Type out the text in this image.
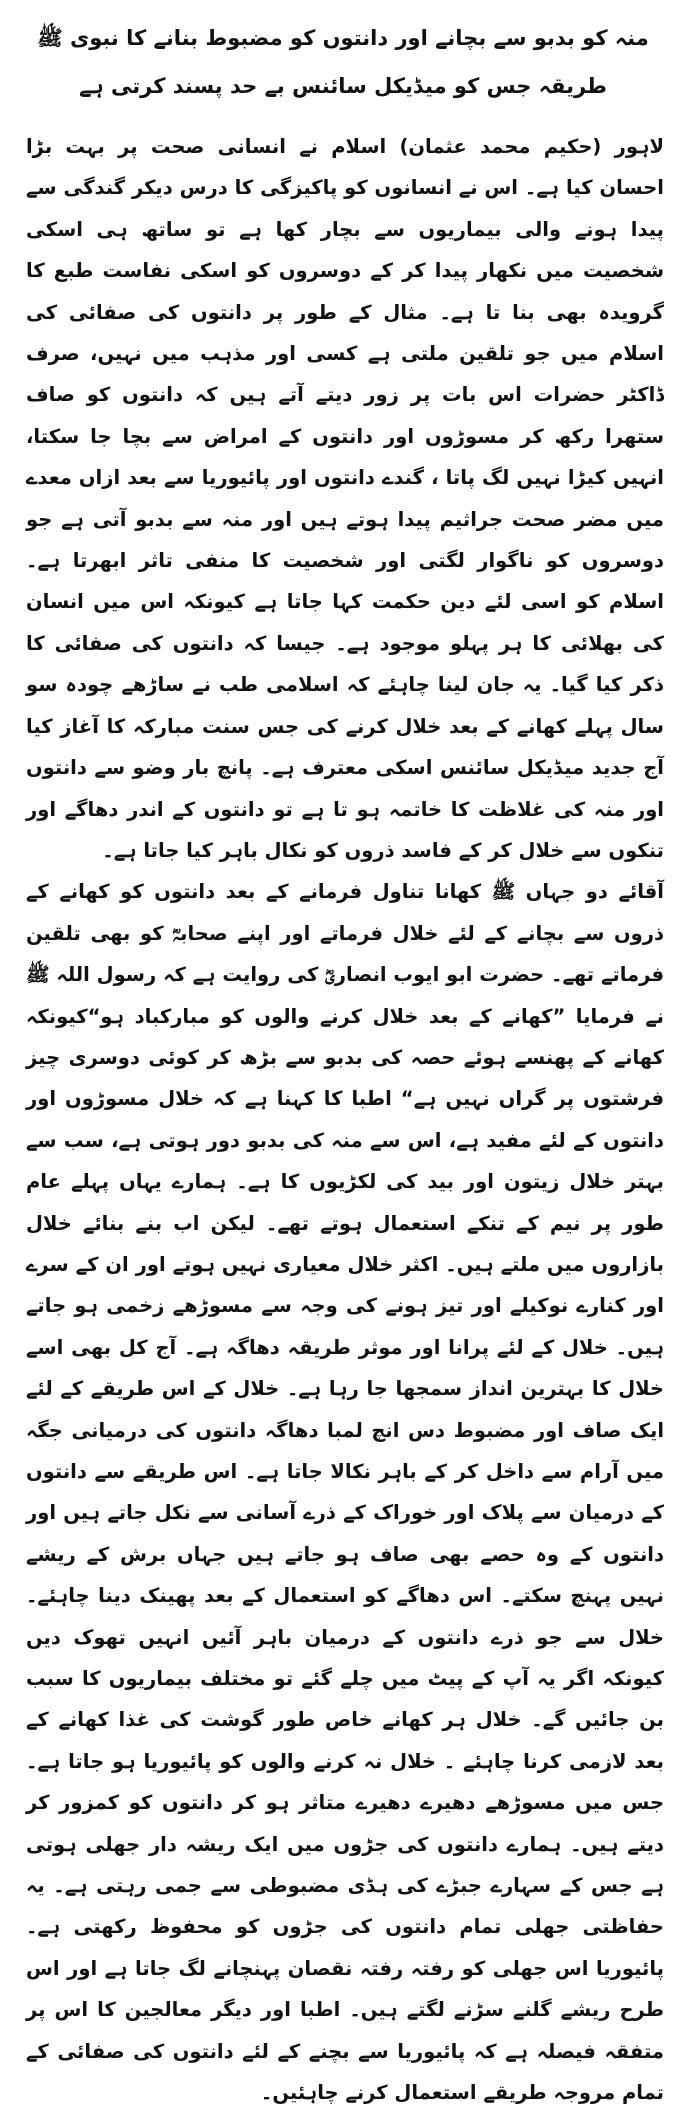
منہ کو بدبو سے بچانے اور دانتوں کو مضبوط بنانے کا نبوی ﷺ طریقہ جس کو میڈیکل سائنس بے حد پسند کرتی ہے

لاہور (حکیم محمد عثمان) اسلام نے انسانی صحت پر بہت بڑا احسان کیا ہے۔ اس نے انسانوں کو پاکیزگی کا درس دیکر گندگی سے پیدا ہونے والی بیماریوں سے بچار کھا ہے تو ساتھ ہی اسکی شخصیت میں نکھار پیدا کر کے دوسروں کو اسکی نفاست طبع کا گرویدہ بھی بنا تا ہے۔ مثال کے طور پر دانتوں کی صفائی کی اسلام میں جو تلقین ملتی ہے کسی اور مذہب میں نہیں، صرف ڈاکٹر حضرات اس بات پر زور دیتے آتے ہیں کہ دانتوں کو صاف ستھرا رکھ کر مسوڑوں اور دانتوں کے امراض سے بچا جا سکتا، انہیں کیڑا نہیں لگ پاتا ، گندے دانتوں اور پائیوریا سے بعد ازاں معدے میں مضر صحت جراثیم پیدا ہوتے ہیں اور منہ سے بدبو آتی ہے جو دوسروں کو ناگوار لگتی اور شخصیت کا منفی تاثر ابھرتا ہے۔ اسلام کو اسی لئے دین حکمت کہا جاتا ہے کیونکہ اس میں انسان کی بھلائی کا ہر پہلو موجود ہے۔ جیسا کہ دانتوں کی صفائی کا ذکر کیا گیا۔ یہ جان لینا چاہئے کہ اسلامی طب نے ساڑھے چودہ سو سال پہلے کھانے کے بعد خلال کرنے کی جس سنت مبارکہ کا آغاز کیا آج جدید میڈیکل سائنس اسکی معترف ہے۔ پانچ بار وضو سے دانتوں اور منہ کی غلاظت کا خاتمہ ہو تا ہے تو دانتوں کے اندر دھاگے اور تنکوں سے خلال کر کے فاسد ذروں کو نکال باہر کیا جاتا ہے۔

آقائے دو جہاں ﷺ کھانا تناول فرمانے کے بعد دانتوں کو کھانے کے ذروں سے بچانے کے لئے خلال فرماتے اور اپنے صحابہؓ کو بھی تلقین فرماتے تھے۔ حضرت ابو ایوب انصاریؓ کی روایت ہے کہ رسول اللہ ﷺ نے فرمایا ”کھانے کے بعد خلال کرنے والوں کو مبارکباد ہو“کیونکہ کھانے کے پھنسے ہوئے حصہ کی بدبو سے بڑھ کر کوئی دوسری چیز فرشتوں پر گراں نہیں ہے“ اطبا کا کہنا ہے کہ خلال مسوڑوں اور دانتوں کے لئے مفید ہے، اس سے منہ کی بدبو دور ہوتی ہے، سب سے بہتر خلال زیتون اور بید کی لکڑیوں کا ہے۔ ہمارے یہاں پہلے عام طور پر نیم کے تنکے استعمال ہوتے تھے۔ لیکن اب بنے بنائے خلال بازاروں میں ملتے ہیں۔ اکثر خلال معیاری نہیں ہوتے اور ان کے سرے اور کنارے نوکیلے اور تیز ہونے کی وجہ سے مسوڑھے زخمی ہو جاتے ہیں۔ خلال کے لئے پرانا اور موثر طریقہ دھاگہ ہے۔ آج کل بھی اسے خلال کا بہترین انداز سمجھا جا رہا ہے۔ خلال کے اس طریقے کے لئے ایک صاف اور مضبوط دس انچ لمبا دھاگہ دانتوں کی درمیانی جگہ میں آرام سے داخل کر کے باہر نکالا جاتا ہے۔ اس طریقے سے دانتوں کے درمیان سے پلاک اور خوراک کے ذرے آسانی سے نکل جاتے ہیں اور دانتوں کے وہ حصے بھی صاف ہو جاتے ہیں جہاں برش کے ریشے نہیں پہنچ سکتے۔ اس دھاگے کو استعمال کے بعد پھینک دینا چاہئے۔ خلال سے جو ذرے دانتوں کے درمیان باہر آئیں انہیں تھوک دیں کیونکہ اگر یہ آپ کے پیٹ میں چلے گئے تو مختلف بیماریوں کا سبب بن جائیں گے۔ خلال ہر کھانے خاص طور گوشت کی غذا کھانے کے بعد لازمی کرنا چاہئے ۔ خلال نہ کرنے والوں کو پائیوریا ہو جاتا ہے۔ جس میں مسوڑھے دھیرے دھیرے متاثر ہو کر دانتوں کو کمزور کر دیتے ہیں۔ ہمارے دانتوں کی جڑوں میں ایک ریشہ دار جھلی ہوتی ہے جس کے سہارے جبڑے کی ہڈی مضبوطی سے جمی رہتی ہے۔ یہ حفاظتی جھلی تمام دانتوں کی جڑوں کو محفوظ رکھتی ہے۔ پائیوریا اس جھلی کو رفتہ رفتہ نقصان پہنچانے لگ جاتا ہے اور اس طرح ریشے گلنے سڑنے لگتے ہیں۔ اطبا اور دیگر معالجین کا اس پر متفقہ فیصلہ ہے کہ پائیوریا سے بچنے کے لئے دانتوں کی صفائی کے تمام مروجہ طریقے استعمال کرنے چاہئیں۔
